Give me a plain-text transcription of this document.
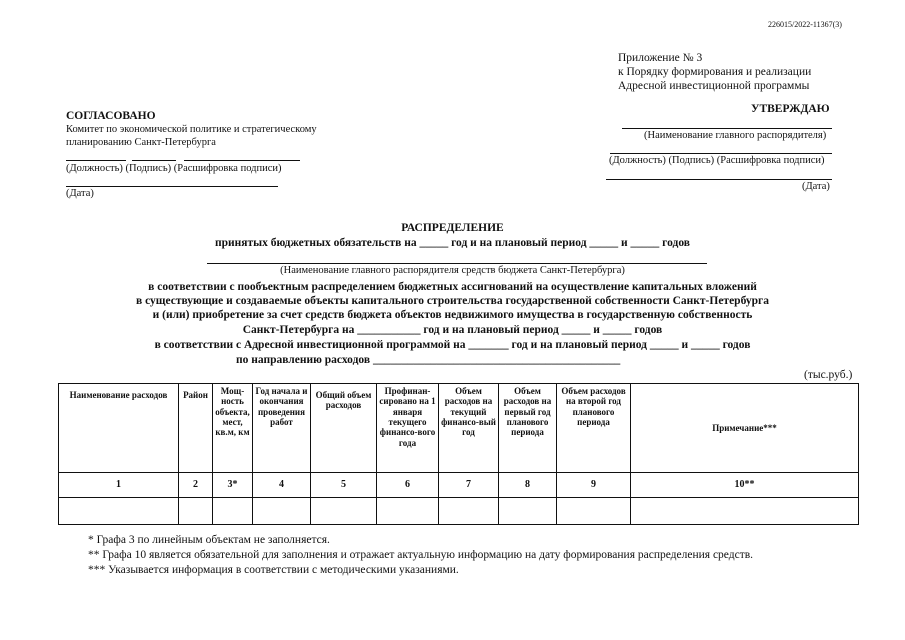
226015/2022-11367(3)
Приложение № 3
к Порядку формирования и реализации
Адресной инвестиционной программы
СОГЛАСОВАНО
Комитет по экономической политике и стратегическому
планированию Санкт-Петербурга
(Должность) (Подпись) (Расшифровка подписи)
(Дата)
УТВЕРЖДАЮ
(Наименование главного распорядителя)
(Должность) (Подпись) (Расшифровка подписи)
(Дата)
РАСПРЕДЕЛЕНИЕ
принятых бюджетных обязательств на _____ год и на плановый период _____ и _____ годов
(Наименование главного распорядителя средств бюджета Санкт-Петербурга)
в соответствии с пообъектным распределением бюджетных ассигнований на осуществление капитальных вложений
в существующие и создаваемые объекты капитального строительства государственной собственности Санкт-Петербурга
и (или) приобретение за счет средств бюджета объектов недвижимого имущества в государственную собственность
Санкт-Петербурга на ___________ год и на плановый период _____ и _____ годов
в соответствии с Адресной инвестиционной программой на _______ год и на плановый период _____ и _____ годов
по направлению расходов ___________________________________________
(тыс.руб.)
Наименование расходов	Район	Мощ-ность объекта, мест, кв.м, км	Год начала и окончания проведения работ	Общий объем расходов	Профинан-сировано на 1 января текущего финансо-вого года	Объем расходов на текущий финансо-вый год	Объем расходов на первый год планового периода	Объем расходов на второй год планового периода	Примечание***
1	2	3*	4	5	6	7	8	9	10**

* Графа 3 по линейным объектам не заполняется.
** Графа 10 является обязательной для заполнения и отражает актуальную информацию на дату формирования распределения средств.
*** Указывается информация в соответствии с методическими указаниями.
